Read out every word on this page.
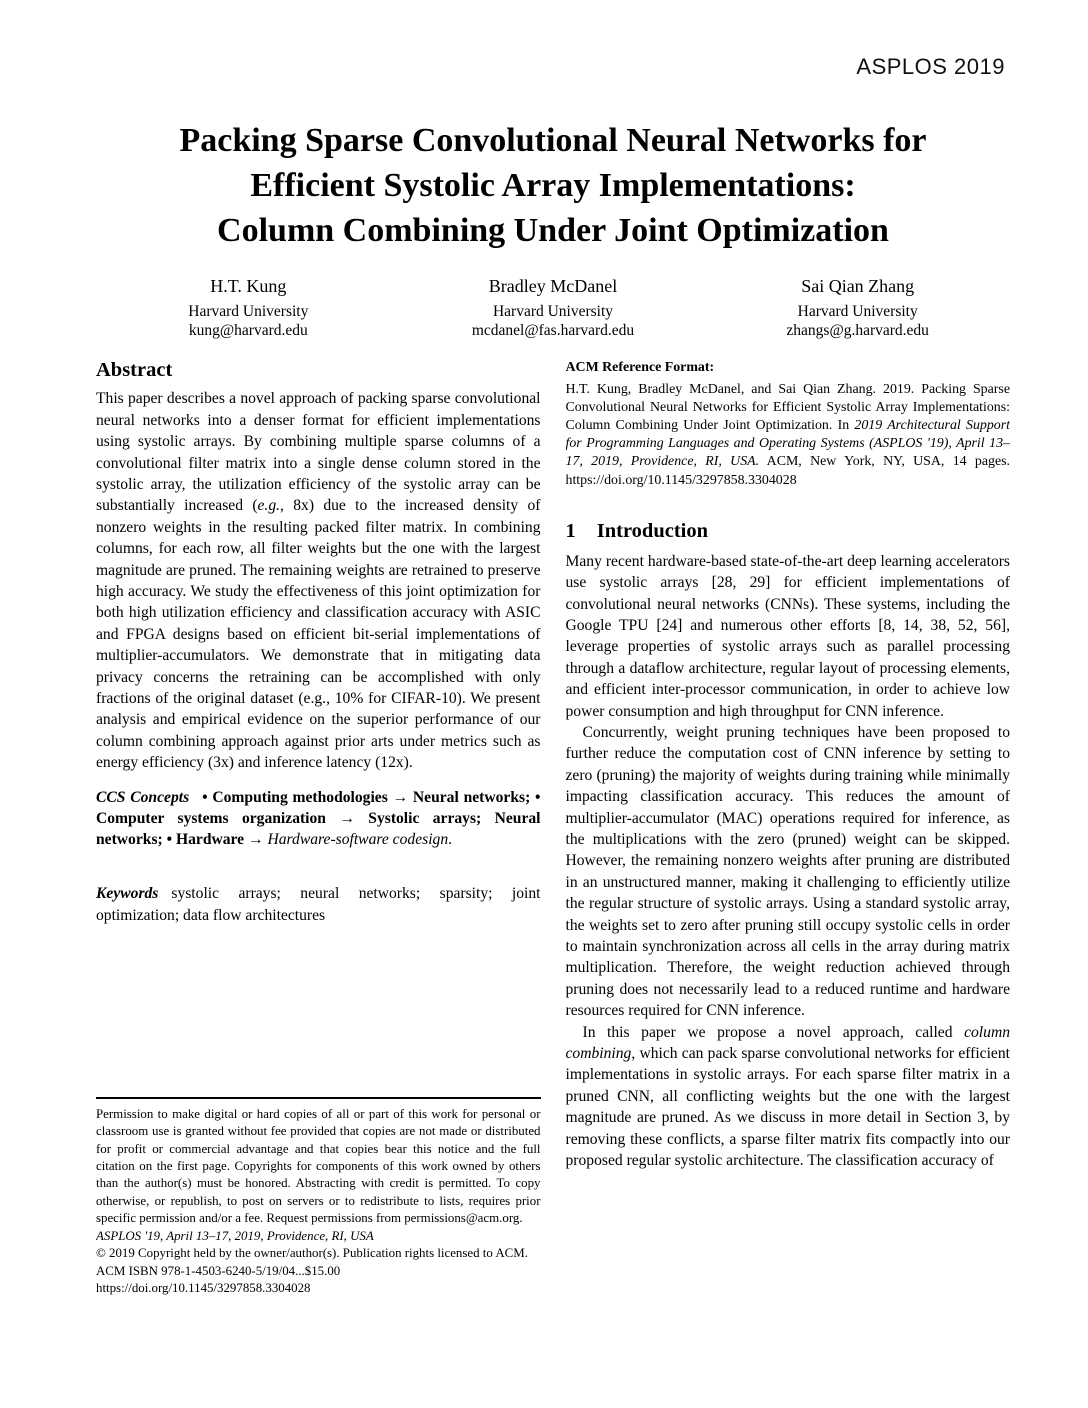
ASPLOS 2019
Packing Sparse Convolutional Neural Networks for
Efficient Systolic Array Implementations:
Column Combining Under Joint Optimization
H.T. Kung
Harvard University
kung@harvard.edu
Bradley McDanel
Harvard University
mcdanel@fas.harvard.edu
Sai Qian Zhang
Harvard University
zhangs@g.harvard.edu
Abstract

This paper describes a novel approach of packing sparse convolutional neural networks into a denser format for efficient implementations using systolic arrays. By combining multiple sparse columns of a convolutional filter matrix into a single dense column stored in the systolic array, the utilization efficiency of the systolic array can be substantially increased (e.g., 8x) due to the increased density of nonzero weights in the resulting packed filter matrix. In combining columns, for each row, all filter weights but the one with the largest magnitude are pruned. The remaining weights are retrained to preserve high accuracy. We study the effectiveness of this joint optimization for both high utilization efficiency and classification accuracy with ASIC and FPGA designs based on efficient bit-serial implementations of multiplier-accumulators. We demonstrate that in mitigating data privacy concerns the retraining can be accomplished with only fractions of the original dataset (e.g., 10% for CIFAR-10). We present analysis and empirical evidence on the superior performance of our column combining approach against prior arts under metrics such as energy efficiency (3x) and inference latency (12x).

CCS Concepts • Computing methodologies → Neural networks; • Computer systems organization → Systolic arrays; Neural networks; • Hardware → Hardware-software codesign.

Keywords systolic arrays; neural networks; sparsity; joint optimization; data flow architectures

Permission to make digital or hard copies of all or part of this work for personal or classroom use is granted without fee provided that copies are not made or distributed for profit or commercial advantage and that copies bear this notice and the full citation on the first page. Copyrights for components of this work owned by others than the author(s) must be honored. Abstracting with credit is permitted. To copy otherwise, or republish, to post on servers or to redistribute to lists, requires prior specific permission and/or a fee. Request permissions from permissions@acm.org.

ASPLOS '19, April 13–17, 2019, Providence, RI, USA

© 2019 Copyright held by the owner/author(s). Publication rights licensed to ACM.

ACM ISBN 978-1-4503-6240-5/19/04...$15.00

https://doi.org/10.1145/3297858.3304028

ACM Reference Format:

H.T. Kung, Bradley McDanel, and Sai Qian Zhang. 2019. Packing Sparse Convolutional Neural Networks for Efficient Systolic Array Implementations: Column Combining Under Joint Optimization. In 2019 Architectural Support for Programming Languages and Operating Systems (ASPLOS '19), April 13–17, 2019, Providence, RI, USA. ACM, New York, NY, USA, 14 pages. https://doi.org/10.1145/3297858.3304028

1 Introduction

Many recent hardware-based state-of-the-art deep learning accelerators use systolic arrays [28, 29] for efficient implementations of convolutional neural networks (CNNs). These systems, including the Google TPU [24] and numerous other efforts [8, 14, 38, 52, 56], leverage properties of systolic arrays such as parallel processing through a dataflow architecture, regular layout of processing elements, and efficient inter-processor communication, in order to achieve low power consumption and high throughput for CNN inference.

Concurrently, weight pruning techniques have been proposed to further reduce the computation cost of CNN inference by setting to zero (pruning) the majority of weights during training while minimally impacting classification accuracy. This reduces the amount of multiplier-accumulator (MAC) operations required for inference, as the multiplications with the zero (pruned) weight can be skipped. However, the remaining nonzero weights after pruning are distributed in an unstructured manner, making it challenging to efficiently utilize the regular structure of systolic arrays. Using a standard systolic array, the weights set to zero after pruning still occupy systolic cells in order to maintain synchronization across all cells in the array during matrix multiplication. Therefore, the weight reduction achieved through pruning does not necessarily lead to a reduced runtime and hardware resources required for CNN inference.

In this paper we propose a novel approach, called column combining, which can pack sparse convolutional networks for efficient implementations in systolic arrays. For each sparse filter matrix in a pruned CNN, all conflicting weights but the one with the largest magnitude are pruned. As we discuss in more detail in Section 3, by removing these conflicts, a sparse filter matrix fits compactly into our proposed regular systolic architecture. The classification accuracy of
